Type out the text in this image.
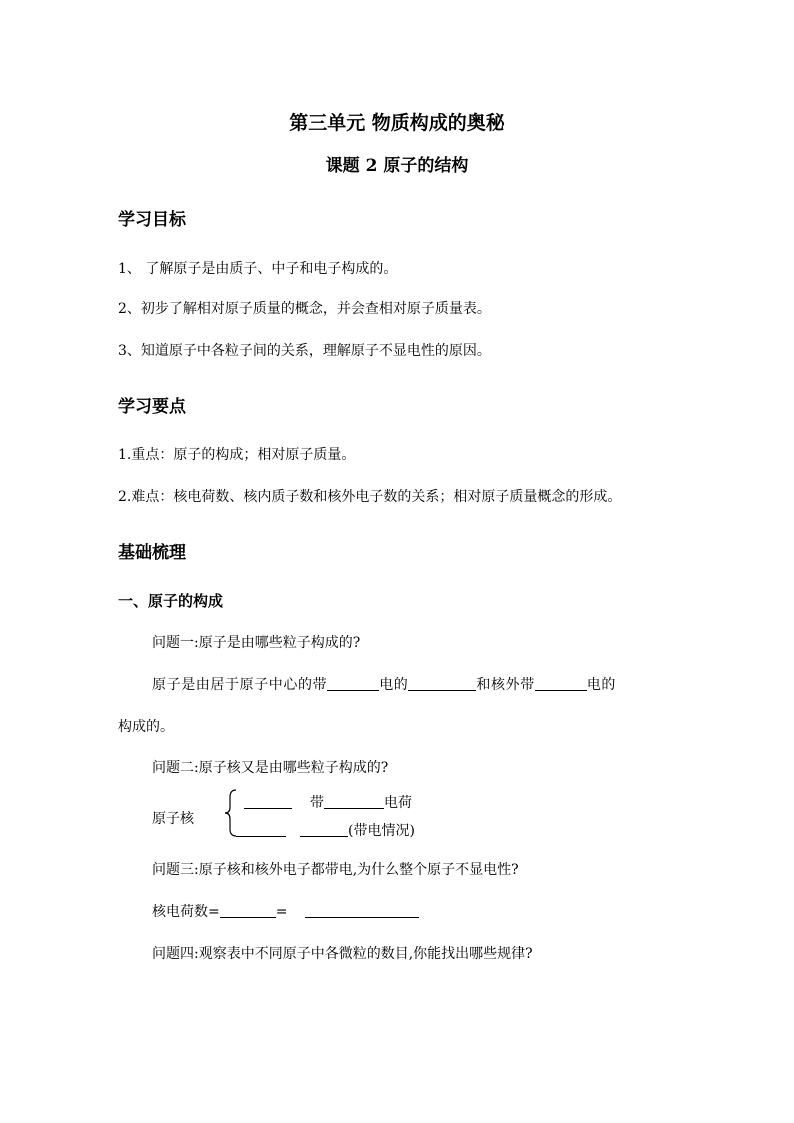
第三单元 物质构成的奥秘
课题 2 原子的结构
学习目标
1、 了解原子是由质子、中子和电子构成的。
2、初步了解相对原子质量的概念，并会查相对原子质量表。
3、知道原子中各粒子间的关系，理解原子不显电性的原因。
学习要点
1.重点：原子的构成；相对原子质量。
2.难点：核电荷数、核内质子数和核外电子数的关系；相对原子质量概念的形成。
基础梳理
一、原子的构成
问题一:原子是由哪些粒子构成的?
原子是由居于原子中心的带	电的	和核外带	电的
构成的。
问题二:原子核又是由哪些粒子构成的?
原子核
带	电荷
(带电情况)
问题三:原子核和核外电子都带电,为什么整个原子不显电性?
核电荷数=	=
问题四:观察表中不同原子中各微粒的数目,你能找出哪些规律?
